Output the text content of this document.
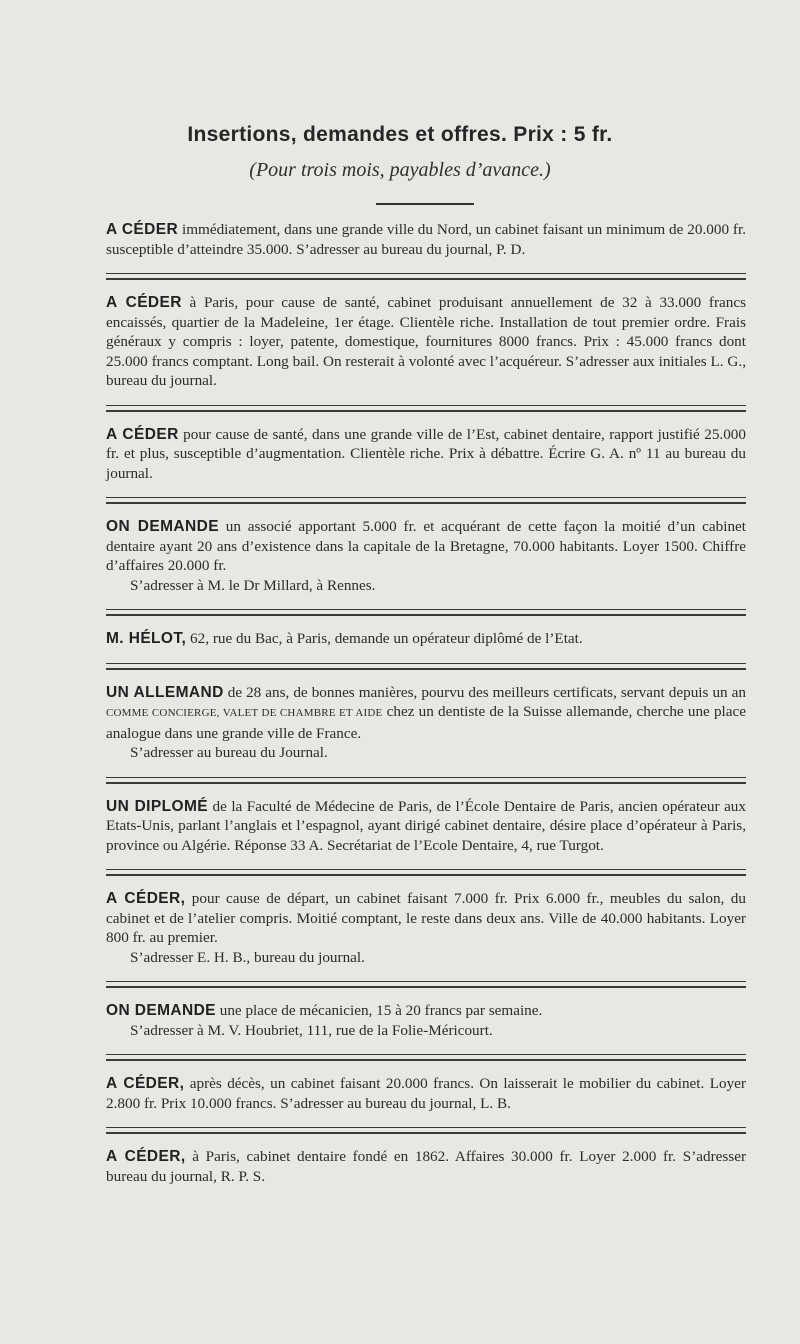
Insertions, demandes et offres. Prix : 5 fr.
(Pour trois mois, payables d’avance.)

A CÉDER immédiatement, dans une grande ville du Nord, un cabinet faisant un minimum de 20.000 fr. susceptible d’atteindre 35.000. S’adresser au bureau du journal, P. D.

A CÉDER à Paris, pour cause de santé, cabinet produisant annuellement de 32 à 33.000 francs encaissés, quartier de la Madeleine, 1er étage. Clientèle riche. Installation de tout premier ordre. Frais généraux y compris : loyer, patente, domestique, fournitures 8000 francs. Prix : 45.000 francs dont 25.000 francs comptant. Long bail. On resterait à volonté avec l’acquéreur. S’adresser aux initiales L. G., bureau du journal.

A CÉDER pour cause de santé, dans une grande ville de l’Est, cabinet dentaire, rapport justifié 25.000 fr. et plus, susceptible d’augmentation. Clientèle riche. Prix à débattre. Écrire G. A. nº 11 au bureau du journal.

ON DEMANDE un associé apportant 5.000 fr. et acquérant de cette façon la moitié d’un cabinet dentaire ayant 20 ans d’existence dans la capitale de la Bretagne, 70.000 habitants. Loyer 1500. Chiffre d’affaires 20.000 fr.

S’adresser à M. le Dr Millard, à Rennes.

M. HÉLOT, 62, rue du Bac, à Paris, demande un opérateur diplômé de l’Etat.

UN ALLEMAND de 28 ans, de bonnes manières, pourvu des meilleurs certificats, servant depuis un an COMME CONCIERGE, VALET DE CHAMBRE ET AIDE chez un dentiste de la Suisse allemande, cherche une place analogue dans une grande ville de France.

S’adresser au bureau du Journal.

UN DIPLOMÉ de la Faculté de Médecine de Paris, de l’École Dentaire de Paris, ancien opérateur aux Etats-Unis, parlant l’anglais et l’espagnol, ayant dirigé cabinet dentaire, désire place d’opérateur à Paris, province ou Algérie. Réponse 33 A. Secrétariat de l’Ecole Dentaire, 4, rue Turgot.

A CÉDER, pour cause de départ, un cabinet faisant 7.000 fr. Prix 6.000 fr., meubles du salon, du cabinet et de l’atelier compris. Moitié comptant, le reste dans deux ans. Ville de 40.000 habitants. Loyer 800 fr. au premier.

S’adresser E. H. B., bureau du journal.

ON DEMANDE une place de mécanicien, 15 à 20 francs par semaine.

S’adresser à M. V. Houbriet, 111, rue de la Folie-Méricourt.

A CÉDER, après décès, un cabinet faisant 20.000 francs. On laisserait le mobilier du cabinet. Loyer 2.800 fr. Prix 10.000 francs. S’adresser au bureau du journal, L. B.

A CÉDER, à Paris, cabinet dentaire fondé en 1862. Affaires 30.000 fr. Loyer 2.000 fr. S’adresser bureau du journal, R. P. S.
